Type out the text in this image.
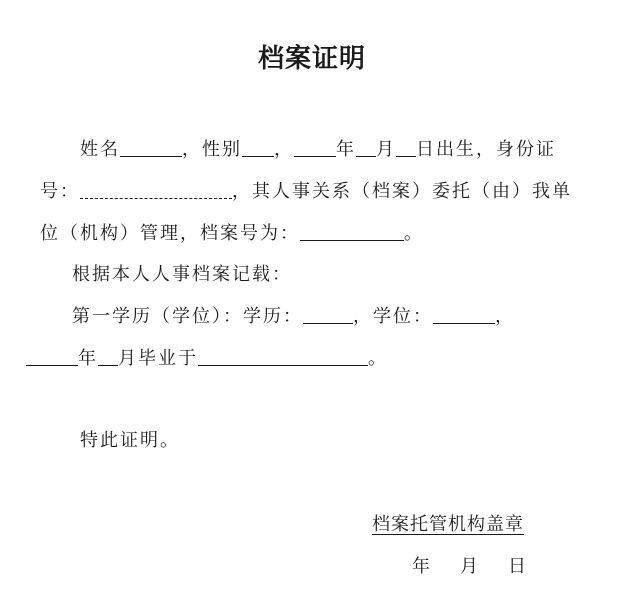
档案证明
姓名	，性别 ， 年 月 日出生，身份证
号：	，其人事关系（档案）委托（由）我单
位（机构）管理，档案号为：	。
根据本人人事档案记载：
第一学历（学位）：学历：	，学位：	，
年 月毕业于	。
特此证明。
档案托管机构盖章
年 月 日
